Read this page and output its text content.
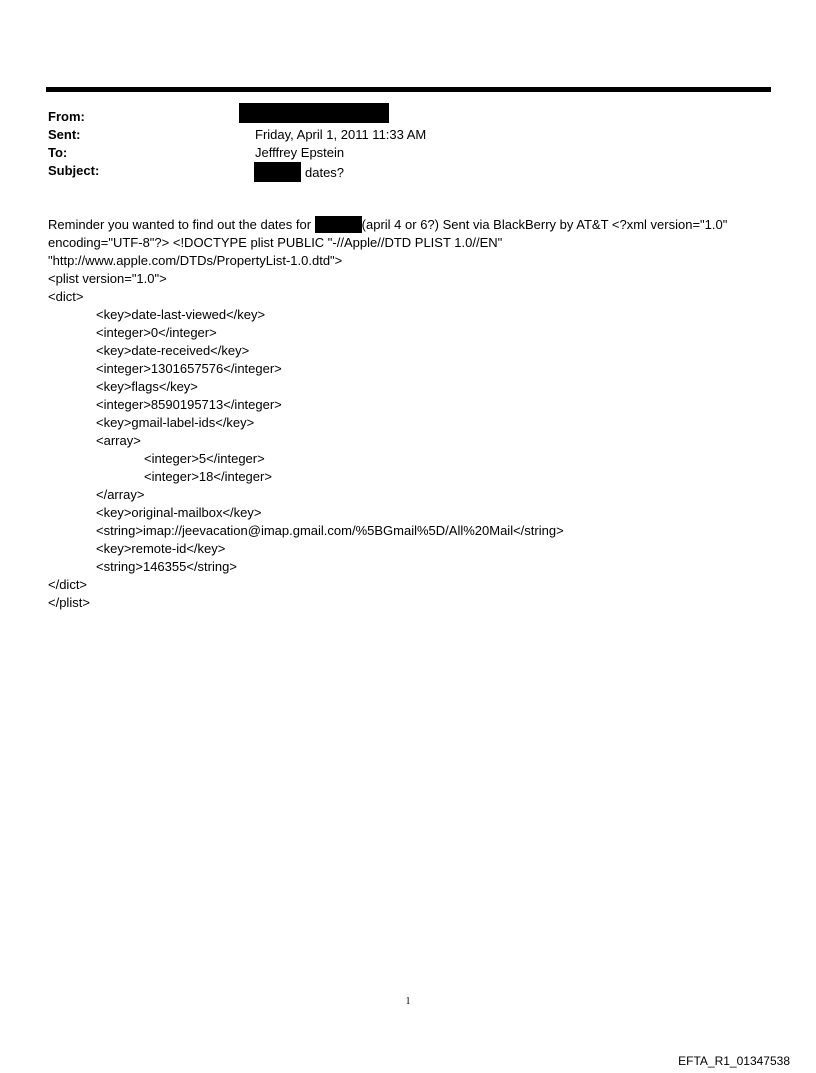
From:
Sent:	Friday, April 1, 2011 11:33 AM
To:	Jefffrey Epstein
Subject:	dates?
Reminder you wanted to find out the dates for	(april 4 or 6?) Sent via BlackBerry by AT&T <?xml version="1.0"
encoding="UTF-8"?> <!DOCTYPE plist PUBLIC "-//Apple//DTD PLIST 1.0//EN"
"http://www.apple.com/DTDs/PropertyList-1.0.dtd">
<plist version="1.0">
<dict>
<key>date-last-viewed</key>
<integer>0</integer>
<key>date-received</key>
<integer>1301657576</integer>
<key>flags</key>
<integer>8590195713</integer>
<key>gmail-label-ids</key>
<array>
<integer>5</integer>
<integer>18</integer>
</array>
<key>original-mailbox</key>
<string>imap://jeevacation@imap.gmail.com/%5BGmail%5D/All%20Mail</string>
<key>remote-id</key>
<string>146355</string>
</dict>
</plist>
1
EFTA_R1_01347538
